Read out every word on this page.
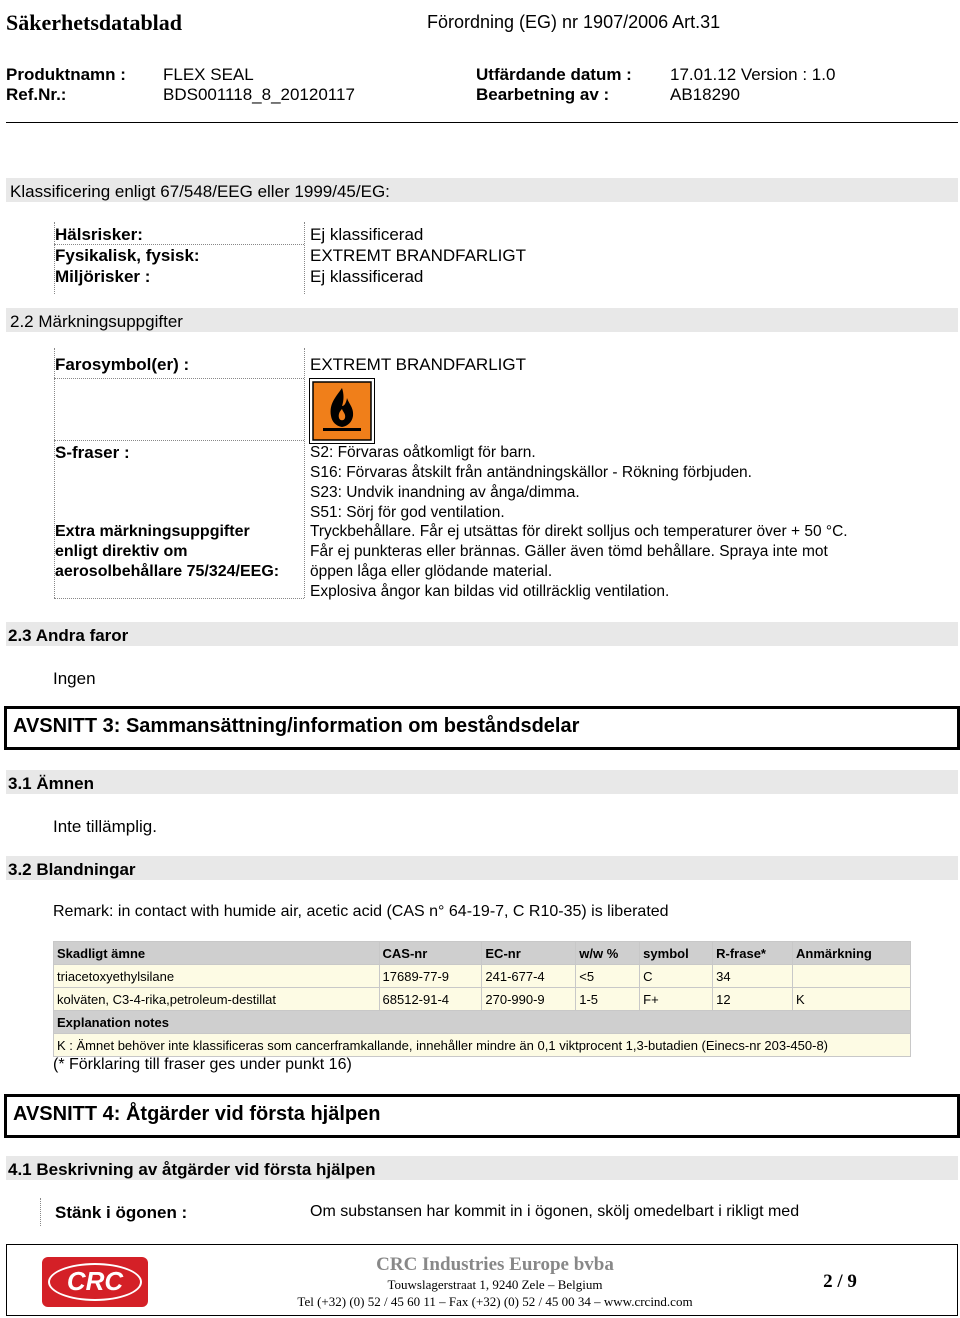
Säkerhetsdatablad	Förordning (EG) nr 1907/2006 Art.31
Produktnamn : FLEX SEAL	Utfärdande datum : 17.01.12 Version : 1.0
Ref.Nr.:	BDS001118_8_20120117	Bearbetning av :	AB18290
Klassificering enligt 67/548/EEG eller 1999/45/EG:
Hälsrisker:	Ej klassificerad
Fysikalisk, fysisk:	EXTREMT BRANDFARLIGT
Miljörisker :	Ej klassificerad
2.2 Märkningsuppgifter
Farosymbol(er) :	EXTREMT BRANDFARLIGT
S-fraser :	S2: Förvaras oåtkomligt för barn.
S16: Förvaras åtskilt från antändningskällor - Rökning förbjuden.
S23: Undvik inandning av ånga/dimma.
S51: Sörj för god ventilation.
Extra märkningsuppgifter
enligt direktiv om
aerosolbehållare 75/324/EEG:
Tryckbehållare. Får ej utsättas för direkt solljus och temperaturer över + 50 °C.
Får ej punkteras eller brännas. Gäller även tömd behållare. Spraya inte mot
öppen låga eller glödande material.
Explosiva ångor kan bildas vid otillräcklig ventilation.
2.3 Andra faror
Ingen
AVSNITT 3: Sammansättning/information om beståndsdelar
3.1 Ämnen
Inte tillämplig.
3.2 Blandningar
Remark: in contact with humide air, acetic acid (CAS n° 64-19-7, C R10-35) is liberated
Skadligt ämne	CAS-nr	EC-nr	w/w %	symbol	R-frase*	Anmärkning
triacetoxyethylsilane	17689-77-9	241-677-4	<5	C	34	
kolväten, C3-4-rika,petroleum-destillat	68512-91-4	270-990-9	1-5	F+	12	K
Explanation notes						
K : Ämnet behöver inte klassificeras som cancerframkallande, innehåller mindre än 0,1 viktprocent 1,3-butadien (Einecs-nr 203-450-8)						
(* Förklaring till fraser ges under punkt 16)
AVSNITT 4: Åtgärder vid första hjälpen
4.1 Beskrivning av åtgärder vid första hjälpen
Stänk i ögonen :	Om substansen har kommit in i ögonen, skölj omedelbart i rikligt med
CRC
CRC Industries Europe bvba
Touwslagerstraat 1, 9240 Zele – Belgium
Tel (+32) (0) 52 / 45 60 11 – Fax (+32) (0) 52 / 45 00 34 – www.crcind.com
2 / 9
